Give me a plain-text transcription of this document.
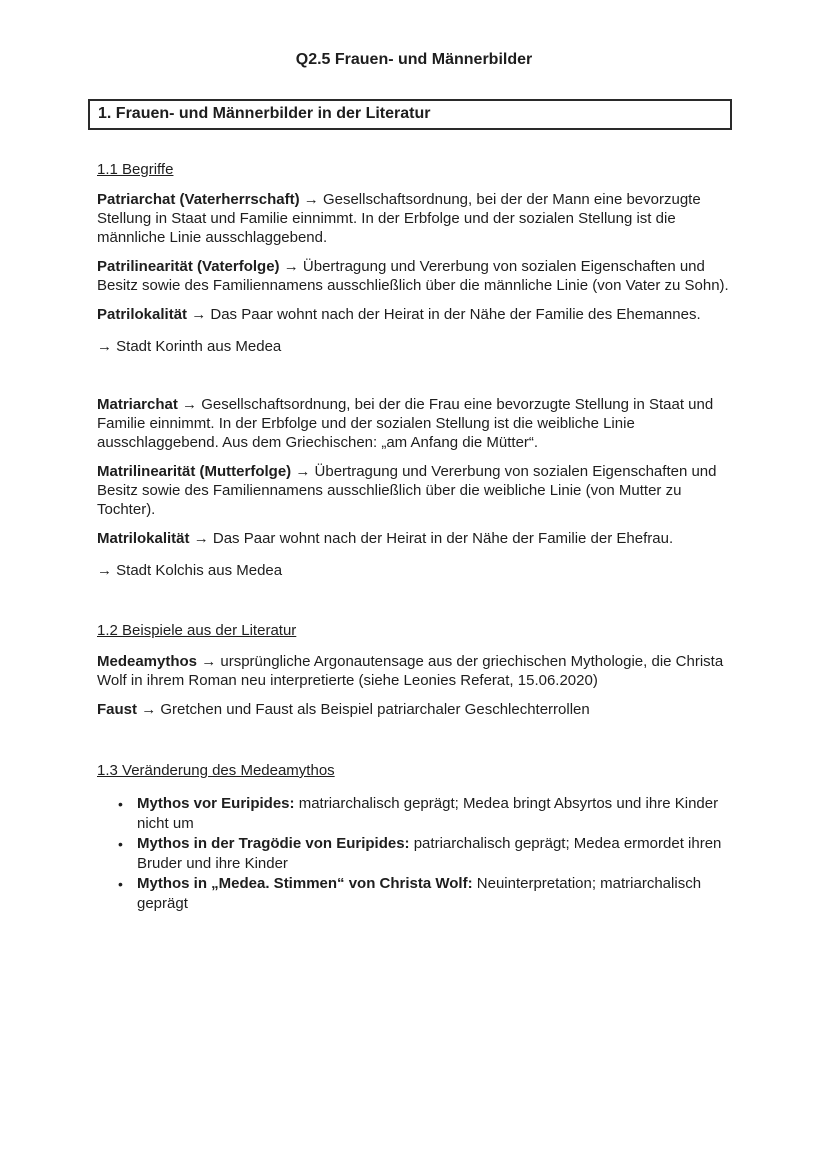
Q2.5 Frauen- und Männerbilder
1. Frauen- und Männerbilder in der Literatur
1.1 Begriffe

Patriarchat (Vaterherrschaft) → Gesellschaftsordnung, bei der der Mann eine bevorzugte Stellung in Staat und Familie einnimmt. In der Erbfolge und der sozialen Stellung ist die männliche Linie ausschlaggebend.

Patrilinearität (Vaterfolge) → Übertragung und Vererbung von sozialen Eigenschaften und Besitz sowie des Familiennamens ausschließlich über die männliche Linie (von Vater zu Sohn).

Patrilokalität → Das Paar wohnt nach der Heirat in der Nähe der Familie des Ehemannes.

→ Stadt Korinth aus Medea

Matriarchat → Gesellschaftsordnung, bei der die Frau eine bevorzugte Stellung in Staat und Familie einnimmt. In der Erbfolge und der sozialen Stellung ist die weibliche Linie ausschlaggebend. Aus dem Griechischen: „am Anfang die Mütter“.

Matrilinearität (Mutterfolge) → Übertragung und Vererbung von sozialen Eigenschaften und Besitz sowie des Familiennamens ausschließlich über die weibliche Linie (von Mutter zu Tochter).

Matrilokalität → Das Paar wohnt nach der Heirat in der Nähe der Familie der Ehefrau.

→ Stadt Kolchis aus Medea

1.2 Beispiele aus der Literatur

Medeamythos → ursprüngliche Argonautensage aus der griechischen Mythologie, die Christa Wolf in ihrem Roman neu interpretierte (siehe Leonies Referat, 15.06.2020)

Faust → Gretchen und Faust als Beispiel patriarchaler Geschlechterrollen

1.3 Veränderung des Medeamythos
• Mythos vor Euripides: matriarchalisch geprägt; Medea bringt Absyrtos und ihre Kinder nicht um
• Mythos in der Tragödie von Euripides: patriarchalisch geprägt; Medea ermordet ihren Bruder und ihre Kinder
• Mythos in „Medea. Stimmen“ von Christa Wolf: Neuinterpretation; matriarchalisch geprägt
